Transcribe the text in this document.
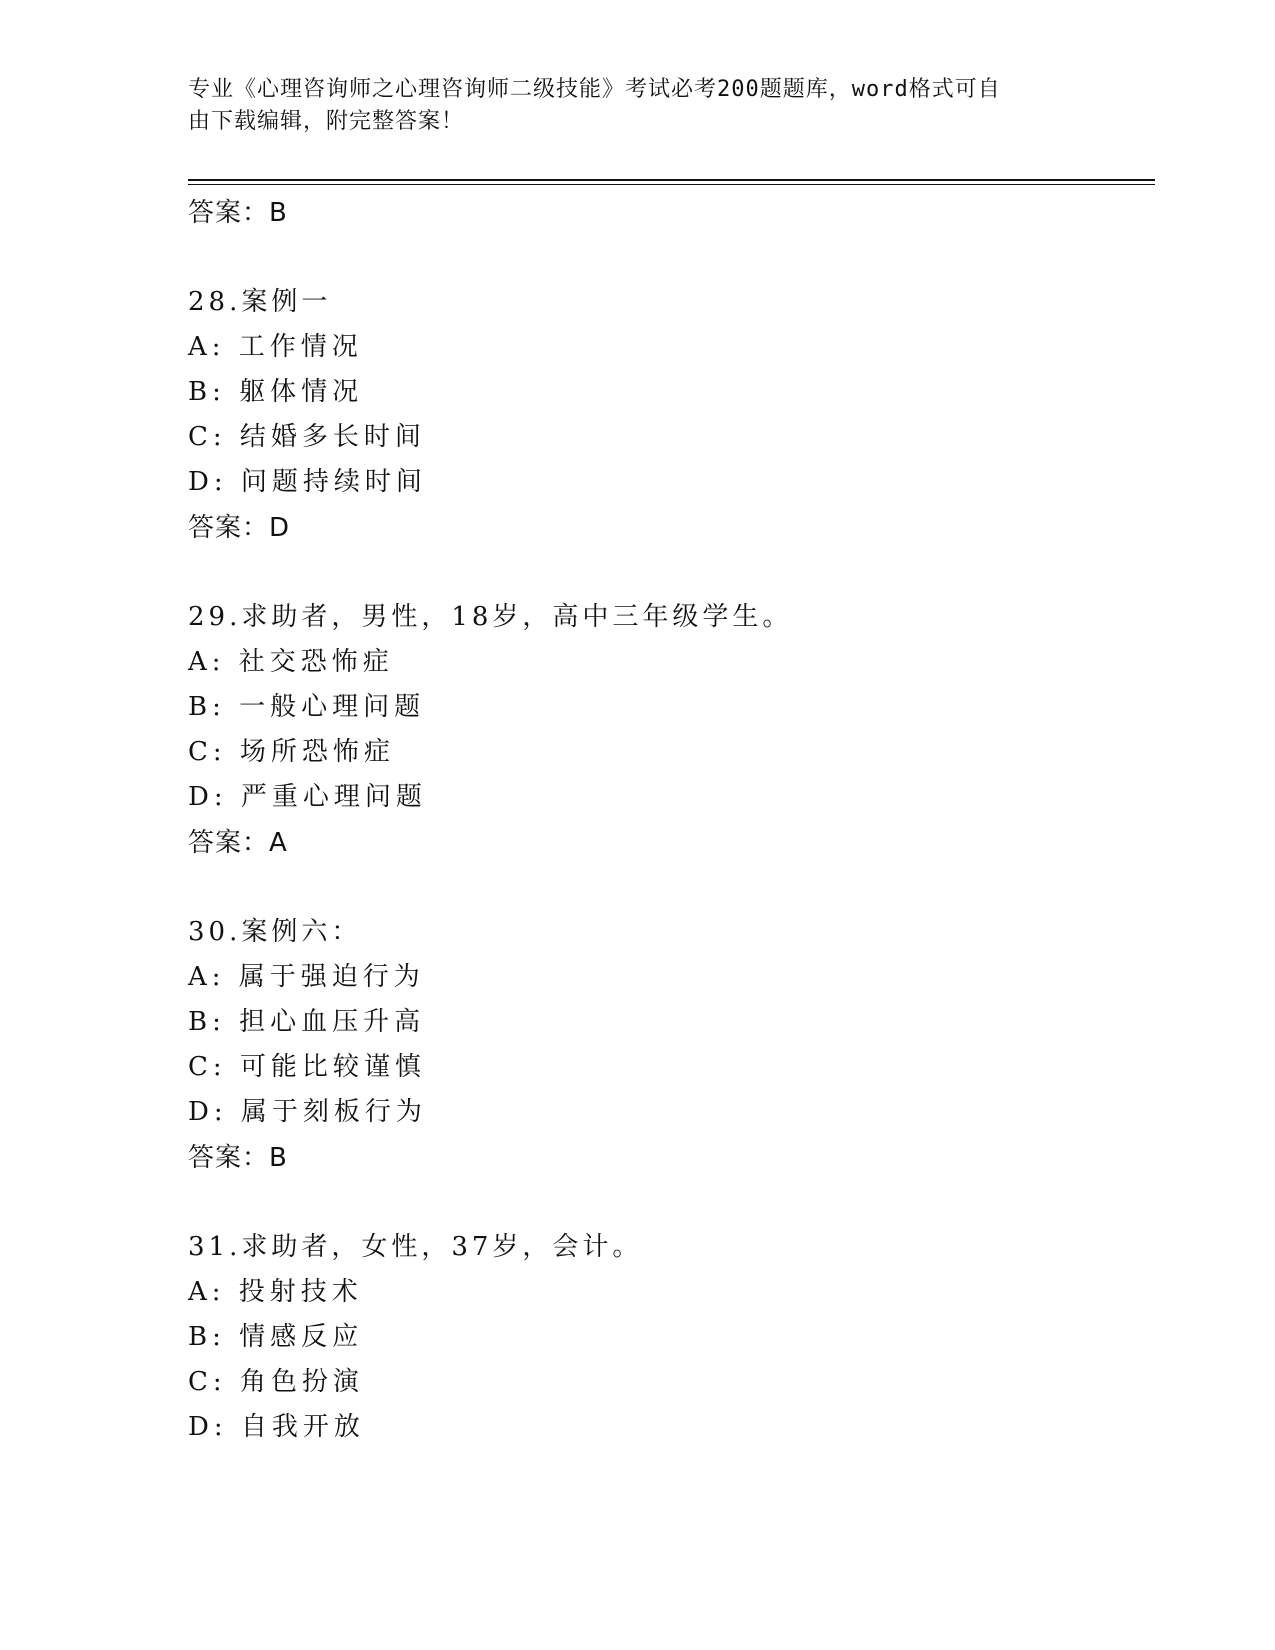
专业《心理咨询师之心理咨询师二级技能》考试必考200题题库，word格式可自
由下载编辑，附完整答案！
答案：B
28.案例一
A: 工作情况
B: 躯体情况
C: 结婚多长时间
D: 问题持续时间
答案：D
29.求助者，男性，18岁，高中三年级学生。
A: 社交恐怖症
B: 一般心理问题
C: 场所恐怖症
D: 严重心理问题
答案：A
30.案例六：
A: 属于强迫行为
B: 担心血压升高
C: 可能比较谨慎
D: 属于刻板行为
答案：B
31.求助者，女性，37岁，会计。
A: 投射技术
B: 情感反应
C: 角色扮演
D: 自我开放
